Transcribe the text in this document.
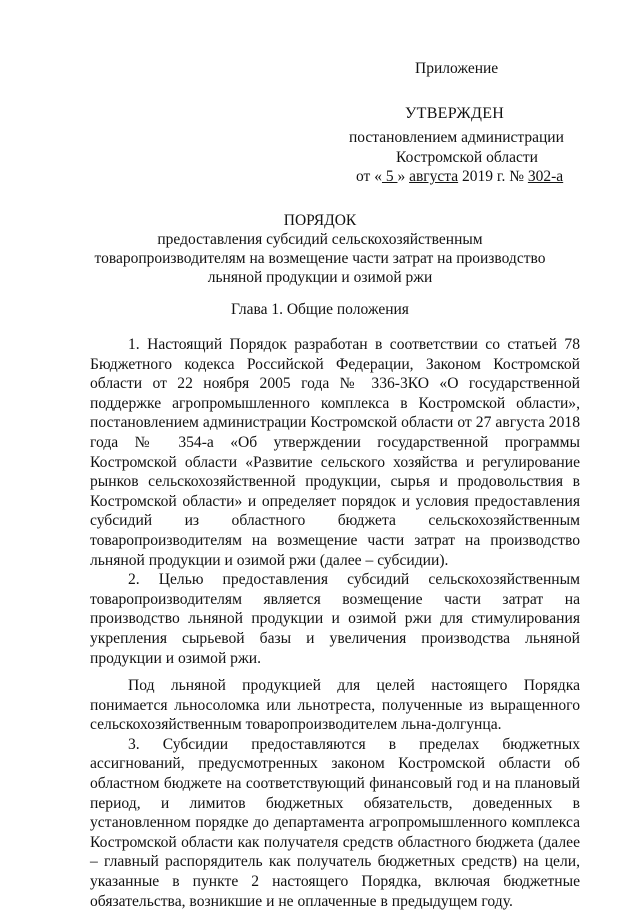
Приложение
УТВЕРЖДЕН
постановлением администрации
Костромской области
от « 5 » августа 2019 г. № 302-а
ПОРЯДОК
предоставления субсидий сельскохозяйственным
товаропроизводителям на возмещение части затрат на производство
льняной продукции и озимой ржи
Глава 1. Общие положения

1. Настоящий Порядок разработан в соответствии со статьей 78 Бюджетного кодекса Российской Федерации, Законом Костромской области от 22 ноября 2005 года № 336-3КО «О государственной поддержке агропромышленного комплекса в Костромской области», постановлением администрации Костромской области от 27 августа 2018 года № 354-а «Об утверждении государственной программы Костромской области «Развитие сельского хозяйства и регулирование рынков сельскохозяйственной продукции, сырья и продовольствия в Костромской области» и определяет порядок и условия предоставления субсидий из областного бюджета сельскохозяйственным товаропроизводителям на возмещение части затрат на производство льняной продукции и озимой ржи (далее – субсидии).

2. Целью предоставления субсидий сельскохозяйственным товаропроизводителям является возмещение части затрат на производство льняной продукции и озимой ржи для стимулирования укрепления сырьевой базы и увеличения производства льняной продукции и озимой ржи.

Под льняной продукцией для целей настоящего Порядка понимается льносоломка или льнотреста, полученные из выращенного сельскохозяйственным товаропроизводителем льна-долгунца.

3. Субсидии предоставляются в пределах бюджетных ассигнований, предусмотренных законом Костромской области об областном бюджете на соответствующий финансовый год и на плановый период, и лимитов бюджетных обязательств, доведенных в установленном порядке до департамента агропромышленного комплекса Костромской области как получателя средств областного бюджета (далее – главный распорядитель как получатель бюджетных средств) на цели, указанные в пункте 2 настоящего Порядка, включая бюджетные обязательства, возникшие и не оплаченные в предыдущем году.
